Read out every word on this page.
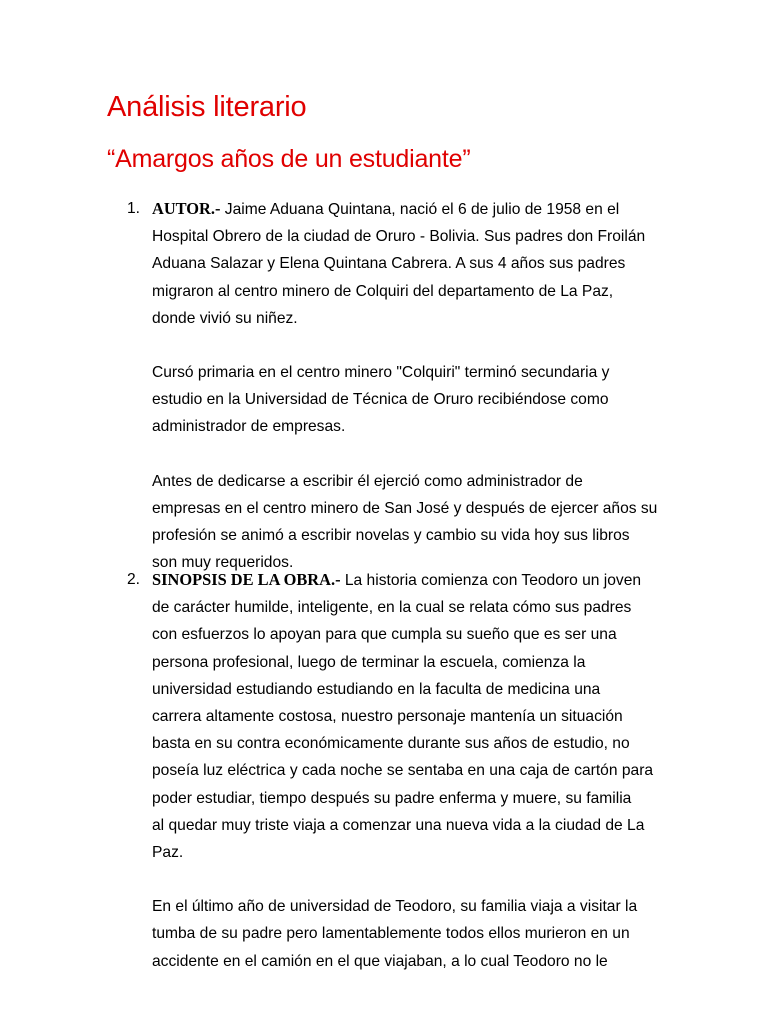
Análisis literario
“Amargos años de un estudiante”
1. AUTOR.- Jaime Aduana Quintana, nació el 6 de julio de 1958 en el
Hospital Obrero de la ciudad de Oruro - Bolivia. Sus padres don Froilán
Aduana Salazar y Elena Quintana Cabrera. A sus 4 años sus padres
migraron al centro minero de Colquiri del departamento de La Paz,
donde vivió su niñez.

Cursó primaria en el centro minero "Colquiri" terminó secundaria y
estudio en la Universidad de Técnica de Oruro recibiéndose como
administrador de empresas.

Antes de dedicarse a escribir él ejerció como administrador de
empresas en el centro minero de San José y después de ejercer años su
profesión se animó a escribir novelas y cambio su vida hoy sus libros
son muy requeridos.

2. SINOPSIS DE LA OBRA.- La historia comienza con Teodoro un joven
de carácter humilde, inteligente, en la cual se relata cómo sus padres
con esfuerzos lo apoyan para que cumpla su sueño que es ser una
persona profesional, luego de terminar la escuela, comienza la
universidad estudiando estudiando en la faculta de medicina una
carrera altamente costosa, nuestro personaje mantenía un situación
basta en su contra económicamente durante sus años de estudio, no
poseía luz eléctrica y cada noche se sentaba en una caja de cartón para
poder estudiar, tiempo después su padre enferma y muere, su familia
al quedar muy triste viaja a comenzar una nueva vida a la ciudad de La
Paz.

En el último año de universidad de Teodoro, su familia viaja a visitar la
tumba de su padre pero lamentablemente todos ellos murieron en un
accidente en el camión en el que viajaban, a lo cual Teodoro no le
